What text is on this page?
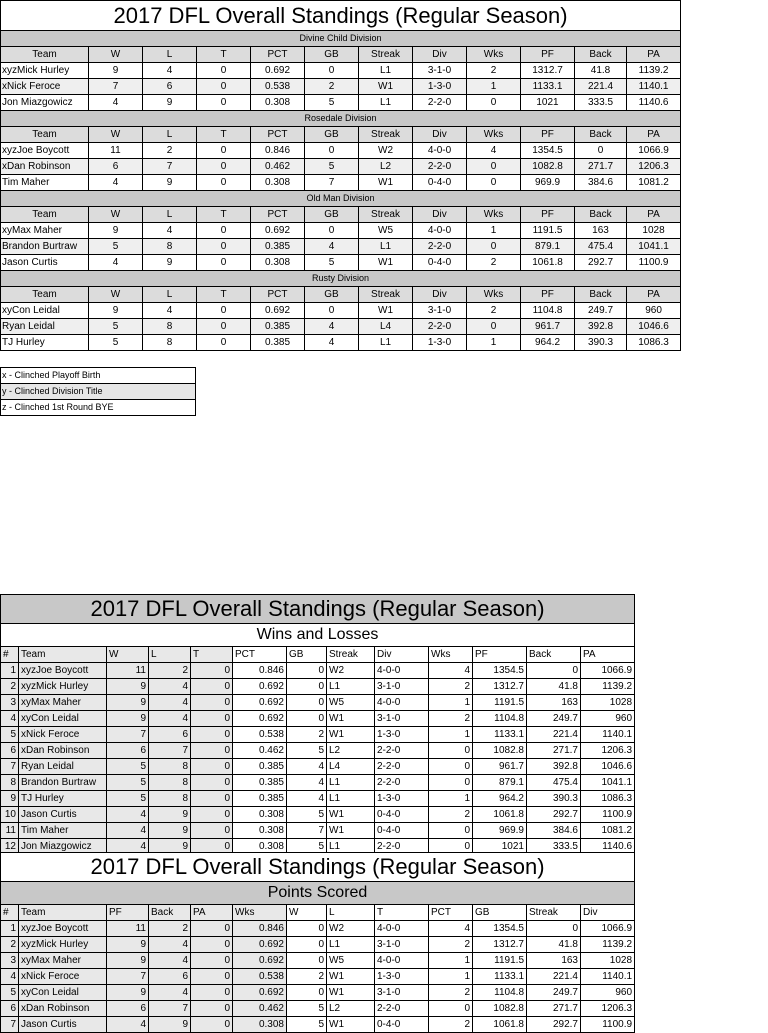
2017 DFL Overall Standings (Regular Season)											
Divine Child Division											
Team	W	L	T	PCT	GB	Streak	Div	Wks	PF	Back	PA
xyzMick Hurley	9	4	0	0.692	0	L1	3-1-0	2	1312.7	41.8	1139.2
xNick Feroce	7	6	0	0.538	2	W1	1-3-0	1	1133.1	221.4	1140.1
Jon Miazgowicz	4	9	0	0.308	5	L1	2-2-0	0	1021	333.5	1140.6
Rosedale Division											
Team	W	L	T	PCT	GB	Streak	Div	Wks	PF	Back	PA
xyzJoe Boycott	11	2	0	0.846	0	W2	4-0-0	4	1354.5	0	1066.9
xDan Robinson	6	7	0	0.462	5	L2	2-2-0	0	1082.8	271.7	1206.3
Tim Maher	4	9	0	0.308	7	W1	0-4-0	0	969.9	384.6	1081.2
Old Man Division											
Team	W	L	T	PCT	GB	Streak	Div	Wks	PF	Back	PA
xyMax Maher	9	4	0	0.692	0	W5	4-0-0	1	1191.5	163	1028
Brandon Burtraw	5	8	0	0.385	4	L1	2-2-0	0	879.1	475.4	1041.1
Jason Curtis	4	9	0	0.308	5	W1	0-4-0	2	1061.8	292.7	1100.9
Rusty Division											
Team	W	L	T	PCT	GB	Streak	Div	Wks	PF	Back	PA
xyCon Leidal	9	4	0	0.692	0	W1	3-1-0	2	1104.8	249.7	960
Ryan Leidal	5	8	0	0.385	4	L4	2-2-0	0	961.7	392.8	1046.6
TJ Hurley	5	8	0	0.385	4	L1	1-3-0	1	964.2	390.3	1086.3
x - Clinched Playoff Birth
y - Clinched Division Title
z - Clinched 1st Round BYE
2017 DFL Overall Standings (Regular Season)												
Wins and Losses												
#	Team	W	L	T	PCT	GB	Streak	Div	Wks	PF	Back	PA
1	xyzJoe Boycott	11	2	0	0.846	0	W2	4-0-0	4	1354.5	0	1066.9
2	xyzMick Hurley	9	4	0	0.692	0	L1	3-1-0	2	1312.7	41.8	1139.2
3	xyMax Maher	9	4	0	0.692	0	W5	4-0-0	1	1191.5	163	1028
4	xyCon Leidal	9	4	0	0.692	0	W1	3-1-0	2	1104.8	249.7	960
5	xNick Feroce	7	6	0	0.538	2	W1	1-3-0	1	1133.1	221.4	1140.1
6	xDan Robinson	6	7	0	0.462	5	L2	2-2-0	0	1082.8	271.7	1206.3
7	Ryan Leidal	5	8	0	0.385	4	L4	2-2-0	0	961.7	392.8	1046.6
8	Brandon Burtraw	5	8	0	0.385	4	L1	2-2-0	0	879.1	475.4	1041.1
9	TJ Hurley	5	8	0	0.385	4	L1	1-3-0	1	964.2	390.3	1086.3
10	Jason Curtis	4	9	0	0.308	5	W1	0-4-0	2	1061.8	292.7	1100.9
11	Tim Maher	4	9	0	0.308	7	W1	0-4-0	0	969.9	384.6	1081.2
12	Jon Miazgowicz	4	9	0	0.308	5	L1	2-2-0	0	1021	333.5	1140.6
2017 DFL Overall Standings (Regular Season)												
Points Scored												
#	Team	PF	Back	PA	Wks	W	L	T	PCT	GB	Streak	Div
1	xyzJoe Boycott	11	2	0	0.846	0	W2	4-0-0	4	1354.5	0	1066.9
2	xyzMick Hurley	9	4	0	0.692	0	L1	3-1-0	2	1312.7	41.8	1139.2
3	xyMax Maher	9	4	0	0.692	0	W5	4-0-0	1	1191.5	163	1028
4	xNick Feroce	7	6	0	0.538	2	W1	1-3-0	1	1133.1	221.4	1140.1
5	xyCon Leidal	9	4	0	0.692	0	W1	3-1-0	2	1104.8	249.7	960
6	xDan Robinson	6	7	0	0.462	5	L2	2-2-0	0	1082.8	271.7	1206.3
7	Jason Curtis	4	9	0	0.308	5	W1	0-4-0	2	1061.8	292.7	1100.9
